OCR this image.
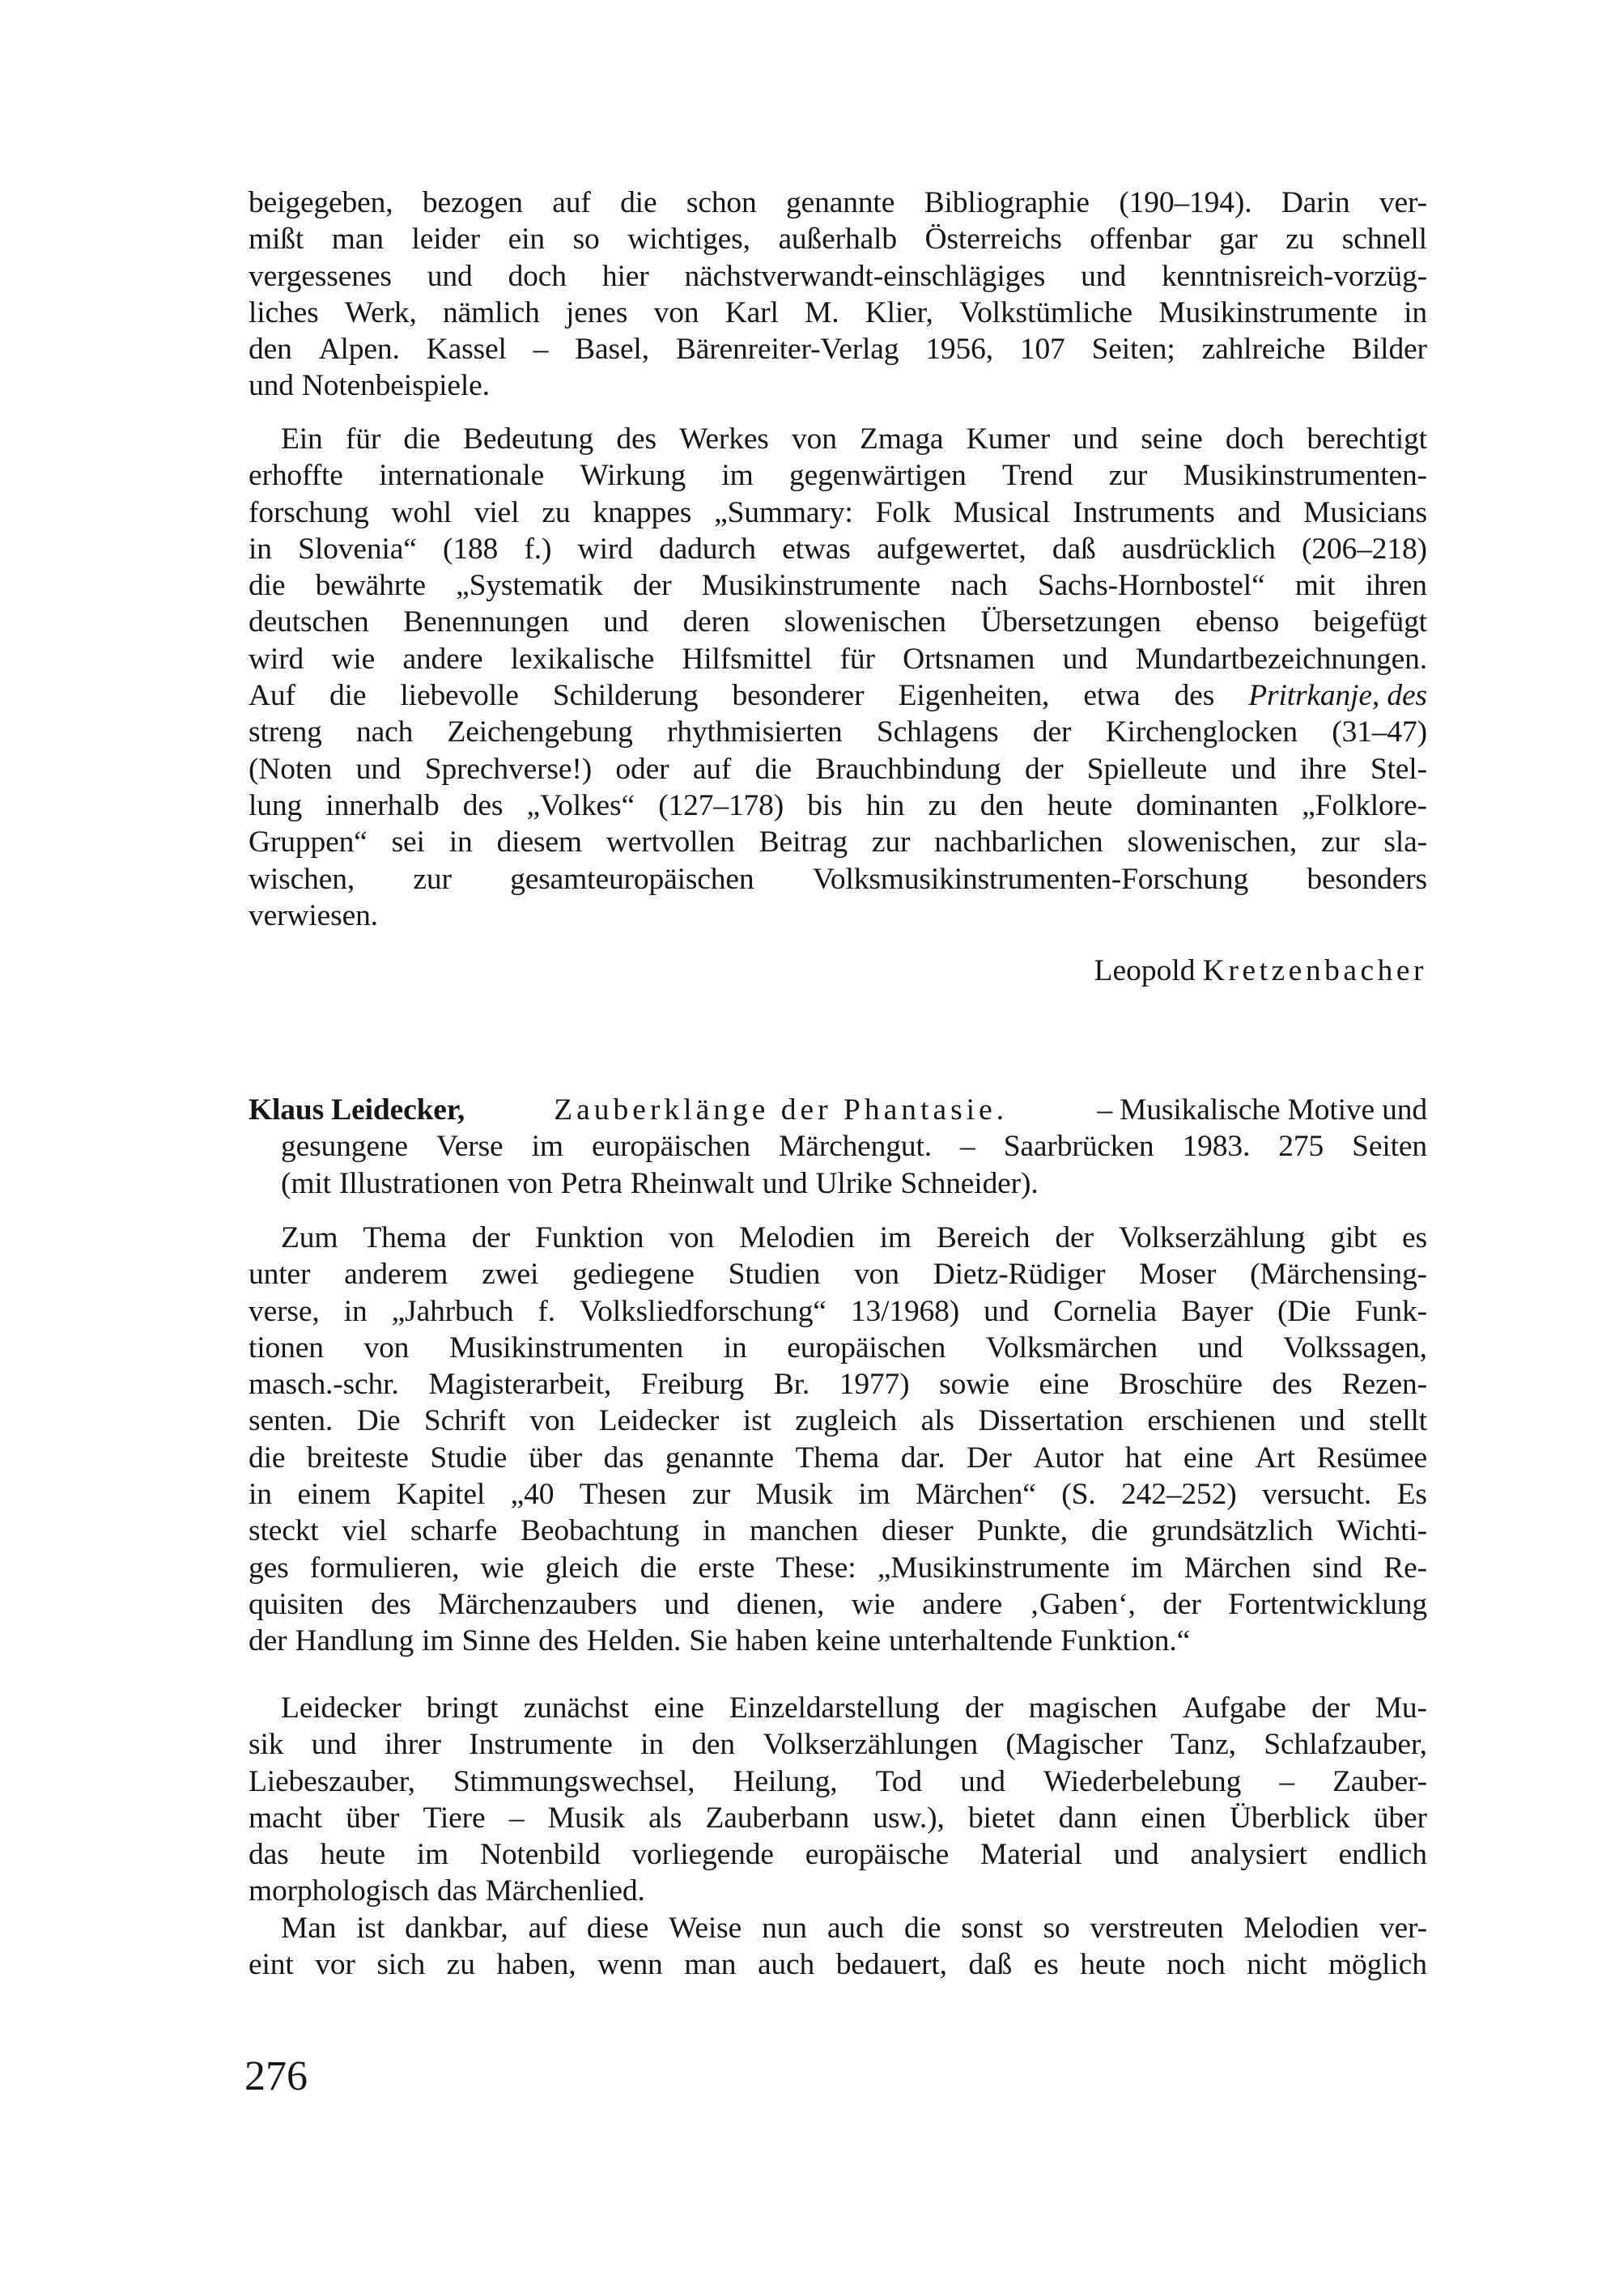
beigegeben, bezogen auf die schon genannte Bibliographie (190–194). Darin ver-
mißt man leider ein so wichtiges, außerhalb Österreichs offenbar gar zu schnell
vergessenes und doch hier nächstverwandt-einschlägiges und kenntnisreich-vorzüg-
liches Werk, nämlich jenes von Karl M. Klier, Volkstümliche Musikinstrumente in
den Alpen. Kassel – Basel, Bärenreiter-Verlag 1956, 107 Seiten; zahlreiche Bilder
und Notenbeispiele.
Ein für die Bedeutung des Werkes von Zmaga Kumer und seine doch berechtigt
erhoffte internationale Wirkung im gegenwärtigen Trend zur Musikinstrumenten-
forschung wohl viel zu knappes „Summary: Folk Musical Instruments and Musicians
in Slovenia“ (188 f.) wird dadurch etwas aufgewertet, daß ausdrücklich (206–218)
die bewährte „Systematik der Musikinstrumente nach Sachs-Hornbostel“ mit ihren
deutschen Benennungen und deren slowenischen Übersetzungen ebenso beigefügt
wird wie andere lexikalische Hilfsmittel für Ortsnamen und Mundartbezeichnungen.
Auf die liebevolle Schilderung besonderer Eigenheiten, etwa des Pritrkanje, des
streng nach Zeichengebung rhythmisierten Schlagens der Kirchenglocken (31–47)
(Noten und Sprechverse!) oder auf die Brauchbindung der Spielleute und ihre Stel-
lung innerhalb des „Volkes“ (127–178) bis hin zu den heute dominanten „Folklore-
Gruppen“ sei in diesem wertvollen Beitrag zur nachbarlichen slowenischen, zur sla-
wischen, zur gesamteuropäischen Volksmusikinstrumenten-Forschung besonders
verwiesen.
Leopold Kretzenbacher
Klaus Leidecker,	Zauberklänge der Phantasie.	– Musikalische Motive und
gesungene Verse im europäischen Märchengut. – Saarbrücken 1983. 275 Seiten
(mit Illustrationen von Petra Rheinwalt und Ulrike Schneider).
Zum Thema der Funktion von Melodien im Bereich der Volkserzählung gibt es
unter anderem zwei gediegene Studien von Dietz-Rüdiger Moser (Märchensing-
verse, in „Jahrbuch f. Volksliedforschung“ 13/1968) und Cornelia Bayer (Die Funk-
tionen von Musikinstrumenten in europäischen Volksmärchen und Volkssagen,
masch.-schr. Magisterarbeit, Freiburg Br. 1977) sowie eine Broschüre des Rezen-
senten. Die Schrift von Leidecker ist zugleich als Dissertation erschienen und stellt
die breiteste Studie über das genannte Thema dar. Der Autor hat eine Art Resümee
in einem Kapitel „40 Thesen zur Musik im Märchen“ (S. 242–252) versucht. Es
steckt viel scharfe Beobachtung in manchen dieser Punkte, die grundsätzlich Wichti-
ges formulieren, wie gleich die erste These: „Musikinstrumente im Märchen sind Re-
quisiten des Märchenzaubers und dienen, wie andere ‚Gaben‘, der Fortentwicklung
der Handlung im Sinne des Helden. Sie haben keine unterhaltende Funktion.“
Leidecker bringt zunächst eine Einzeldarstellung der magischen Aufgabe der Mu-
sik und ihrer Instrumente in den Volkserzählungen (Magischer Tanz, Schlafzauber,
Liebeszauber, Stimmungswechsel, Heilung, Tod und Wiederbelebung – Zauber-
macht über Tiere – Musik als Zauberbann usw.), bietet dann einen Überblick über
das heute im Notenbild vorliegende europäische Material und analysiert endlich
morphologisch das Märchenlied.
Man ist dankbar, auf diese Weise nun auch die sonst so verstreuten Melodien ver-
eint vor sich zu haben, wenn man auch bedauert, daß es heute noch nicht möglich
276
